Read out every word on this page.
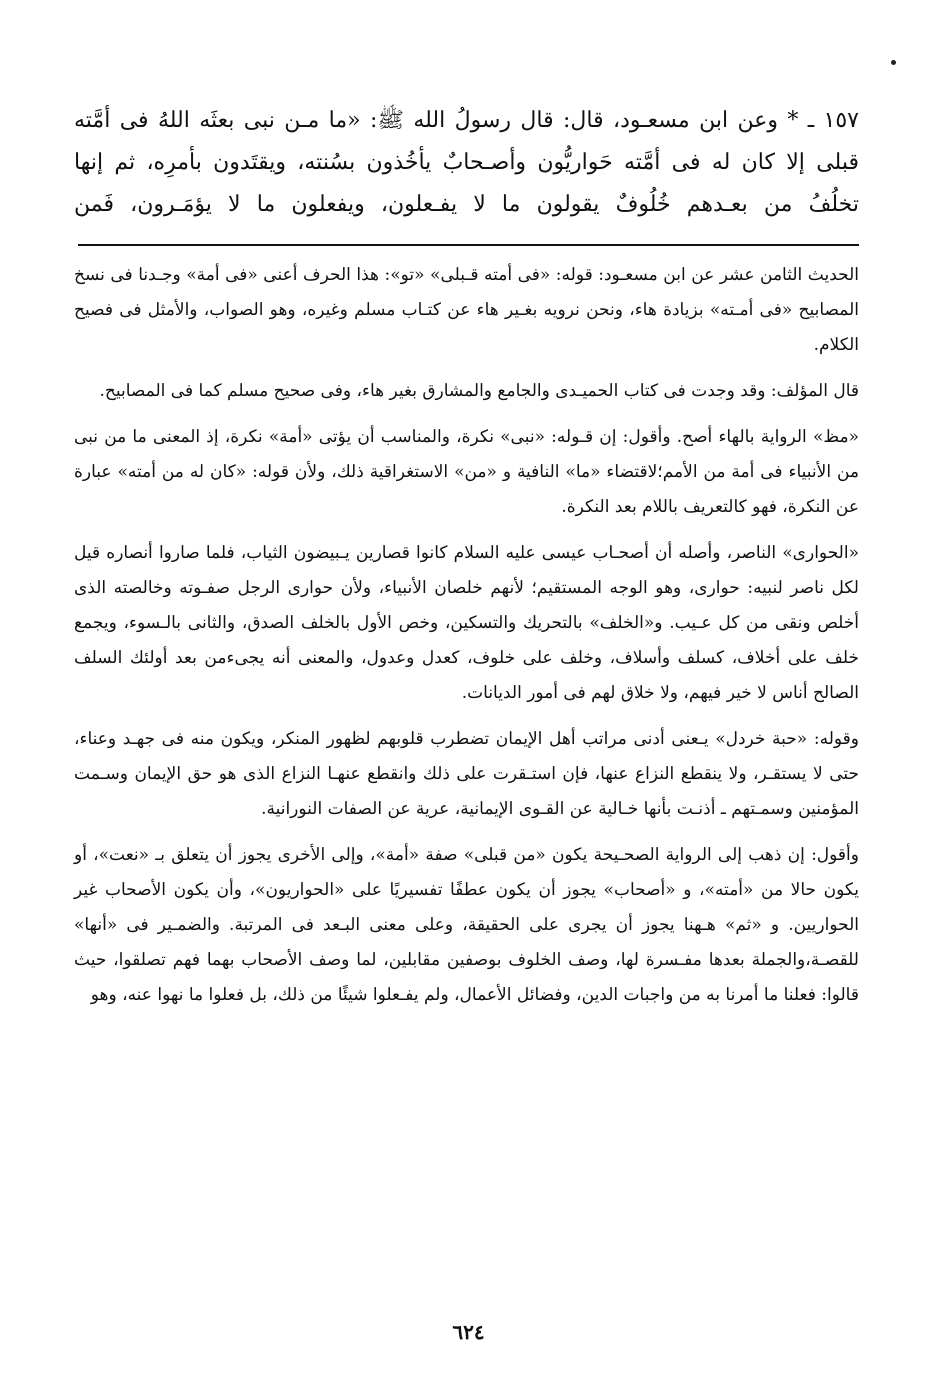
١٥٧ ـ * وعن ابن مسعـود، قال: قال رسولُ الله ﷺ: «ما مـن نبى بعثَه اللهُ فى أمَّته قبلى إلا كان له فى أمَّته حَواريُّون وأصـحابٌ يأخُذون بسُنته، ويقتَدون بأمرِه، ثم إنها تخلُفُ من بعـدهم خُلُوفٌ يقولون ما لا يفـعلون، ويفعلون ما لا يؤمَـرون، فَمن

الحديث الثامن عشر عن ابن مسعـود: قوله: «فى أمته قـبلى» «تو»: هذا الحرف أعنى «فى أمة» وجـدنا فى نسخ المصابيح «فى أمـته» بزيادة هاء، ونحن نرويه بغـير هاء عن كتـاب مسلم وغيره، وهو الصواب، والأمثل فى فصيح الكلام.

قال المؤلف: وقد وجدت فى كتاب الحميـدى والجامع والمشارق بغير هاء، وفى صحيح مسلم كما فى المصابيح.

«مظ» الرواية بالهاء أصح. وأقول: إن قـوله: «نبى» نكرة، والمناسب أن يؤتى «أمة» نكرة، إذ المعنى ما من نبى من الأنبياء فى أمة من الأمم؛لاقتضاء «ما» النافية و «من» الاستغراقية ذلك، ولأن قوله: «كان له من أمته» عبارة عن النكرة، فهو كالتعريف باللام بعد النكرة.

«الحوارى» الناصر، وأصله أن أصحـاب عيسى عليه السلام كانوا قصارين يـبيضون الثياب، فلما صاروا أنصاره قيل لكل ناصر لنبيه: حوارى، وهو الوجه المستقيم؛ لأنهم خلصان الأنبياء، ولأن حوارى الرجل صفـوته وخالصته الذى أخلص ونقى من كل عـيب. و«الخلف» بالتحريك والتسكين، وخص الأول بالخلف الصدق، والثانى بالـسوء، ويجمع خلف على أخلاف، كسلف وأسلاف، وخلف على خلوف، كعدل وعدول، والمعنى أنه يجىءمن بعد أولئك السلف الصالح أناس لا خير فيهم، ولا خلاق لهم فى أمور الديانات.

وقوله: «حبة خردل» يـعنى أدنى مراتب أهل الإيمان تضطرب قلوبهم لظهور المنكر، ويكون منه فى جهـد وعناء، حتى لا يستقـر، ولا ينقطع النزاع عنها، فإن استـقرت على ذلك وانقطع عنهـا النزاع الذى هو حق الإيمان وسـمت المؤمنين وسمـتهم ـ أذنـت بأنها خـالية عن القـوى الإيمانية، عرية عن الصفات النورانية.

وأقول: إن ذهب إلى الرواية الصحـيحة يكون «من قبلى» صفة «أمة»، وإلى الأخرى يجوز أن يتعلق بـ «نعت»، أو يكون حالا من «أمته»، و «أصحاب» يجوز أن يكون عطفًا تفسيريًا على «الحواريون»، وأن يكون الأصحاب غير الحواريين. و «ثم» هـهنا يجوز أن يجرى على الحقيقة، وعلى معنى البـعد فى المرتبة. والضمـير فى «أنها» للقصـة،والجملة بعدها مفـسرة لها، وصف الخلوف بوصفين مقابلين، لما وصف الأصحاب بهما فهم تصلقوا، حيث قالوا: فعلنا ما أمرنا به من واجبات الدين، وفضائل الأعمال، ولم يفـعلوا شيئًا من ذلك، بل فعلوا ما نهوا عنه، وهو

٦٢٤
